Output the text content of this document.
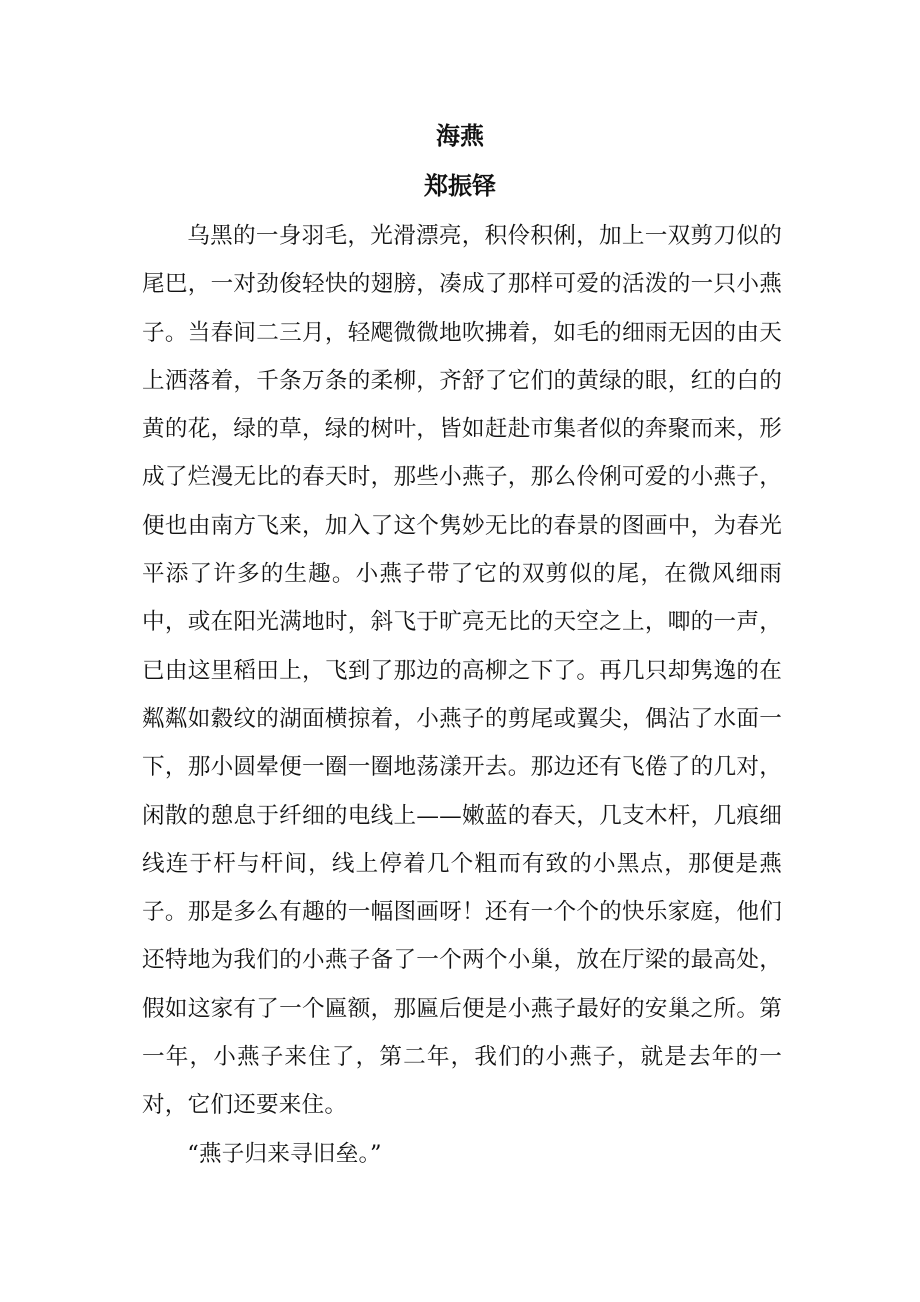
海燕
郑振铎

乌黑的一身羽毛，光滑漂亮，积伶积俐，加上一双剪刀似的尾巴，一对劲俊轻快的翅膀，凑成了那样可爱的活泼的一只小燕子。当春间二三月，轻飔微微地吹拂着，如毛的细雨无因的由天上洒落着，千条万条的柔柳，齐舒了它们的黄绿的眼，红的白的黄的花，绿的草，绿的树叶，皆如赶赴市集者似的奔聚而来，形成了烂漫无比的春天时，那些小燕子，那么伶俐可爱的小燕子，便也由南方飞来，加入了这个隽妙无比的春景的图画中，为春光平添了许多的生趣。小燕子带了它的双剪似的尾，在微风细雨中，或在阳光满地时，斜飞于旷亮无比的天空之上，唧的一声，已由这里稻田上，飞到了那边的高柳之下了。再几只却隽逸的在粼粼如縠纹的湖面横掠着，小燕子的剪尾或翼尖，偶沾了水面一下，那小圆晕便一圈一圈地荡漾开去。那边还有飞倦了的几对，闲散的憩息于纤细的电线上——嫩蓝的春天，几支木杆，几痕细线连于杆与杆间，线上停着几个粗而有致的小黑点，那便是燕子。那是多么有趣的一幅图画呀！还有一个个的快乐家庭，他们还特地为我们的小燕子备了一个两个小巢，放在厅梁的最高处，假如这家有了一个匾额，那匾后便是小燕子最好的安巢之所。第一年，小燕子来住了，第二年，我们的小燕子，就是去年的一对，它们还要来住。

“燕子归来寻旧垒。”
